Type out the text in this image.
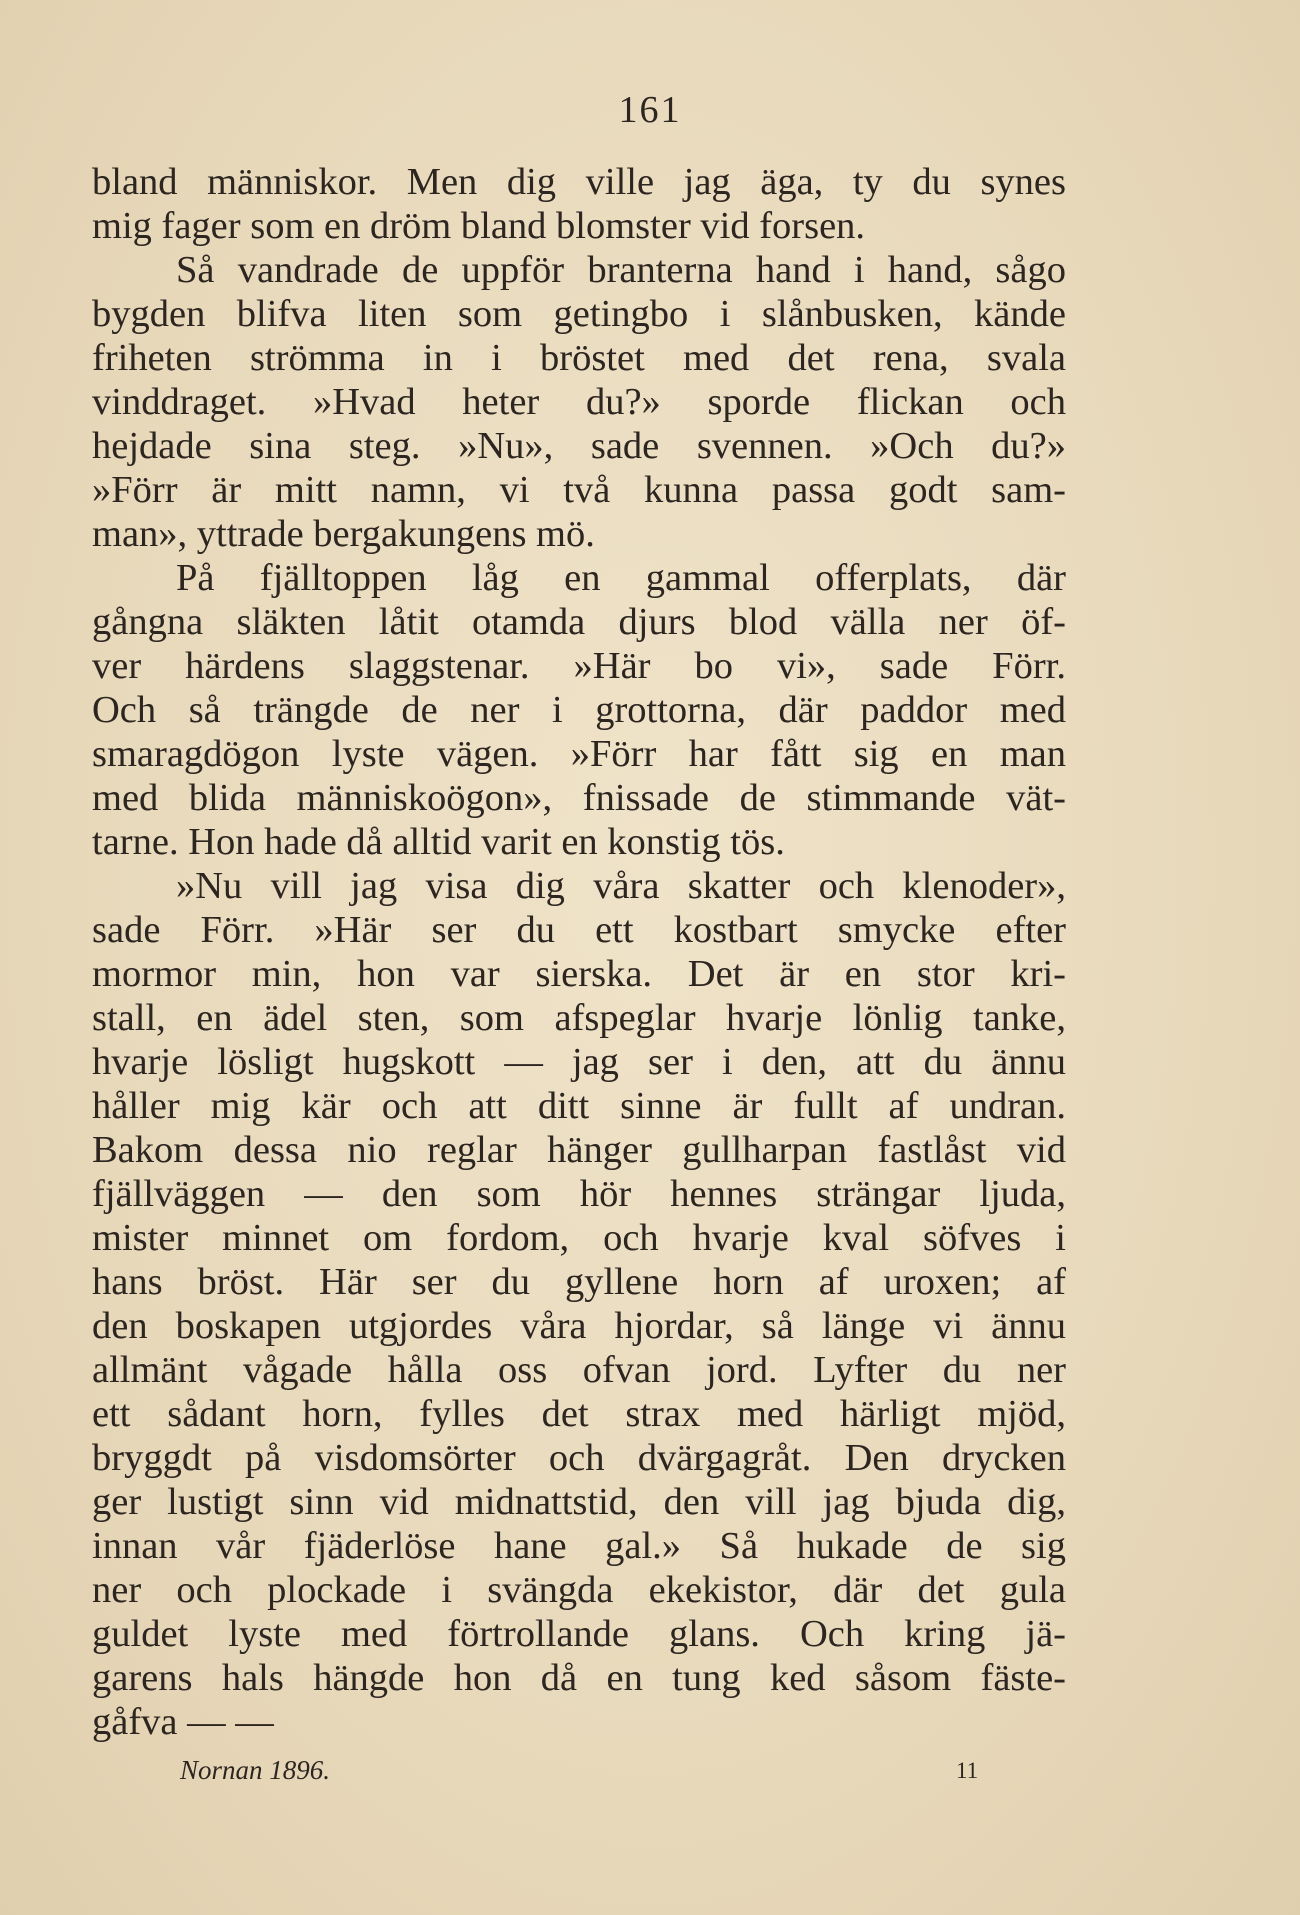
161
bland människor. Men dig ville jag äga, ty du synes
mig fager som en dröm bland blomster vid forsen.
Så vandrade de uppför branterna hand i hand, sågo
bygden blifva liten som getingbo i slånbusken, kände
friheten strömma in i bröstet med det rena, svala
vinddraget. »Hvad heter du?» sporde flickan och
hejdade sina steg. »Nu», sade svennen. »Och du?»
»Förr är mitt namn, vi två kunna passa godt sam-
man», yttrade bergakungens mö.
På fjälltoppen låg en gammal offerplats, där
gångna släkten låtit otamda djurs blod välla ner öf-
ver härdens slaggstenar. »Här bo vi», sade Förr.
Och så trängde de ner i grottorna, där paddor med
smaragdögon lyste vägen. »Förr har fått sig en man
med blida människoögon», fnissade de stimmande vät-
tarne. Hon hade då alltid varit en konstig tös.
»Nu vill jag visa dig våra skatter och klenoder»,
sade Förr. »Här ser du ett kostbart smycke efter
mormor min, hon var sierska. Det är en stor kri-
stall, en ädel sten, som afspeglar hvarje lönlig tanke,
hvarje lösligt hugskott — jag ser i den, att du ännu
håller mig kär och att ditt sinne är fullt af undran.
Bakom dessa nio reglar hänger gullharpan fastlåst vid
fjällväggen — den som hör hennes strängar ljuda,
mister minnet om fordom, och hvarje kval söfves i
hans bröst. Här ser du gyllene horn af uroxen; af
den boskapen utgjordes våra hjordar, så länge vi ännu
allmänt vågade hålla oss ofvan jord. Lyfter du ner
ett sådant horn, fylles det strax med härligt mjöd,
bryggdt på visdomsörter och dvärgagråt. Den drycken
ger lustigt sinn vid midnattstid, den vill jag bjuda dig,
innan vår fjäderlöse hane gal.» Så hukade de sig
ner och plockade i svängda ekekistor, där det gula
guldet lyste med förtrollande glans. Och kring jä-
garens hals hängde hon då en tung ked såsom fäste-
gåfva — —
Nornan 1896.	11
